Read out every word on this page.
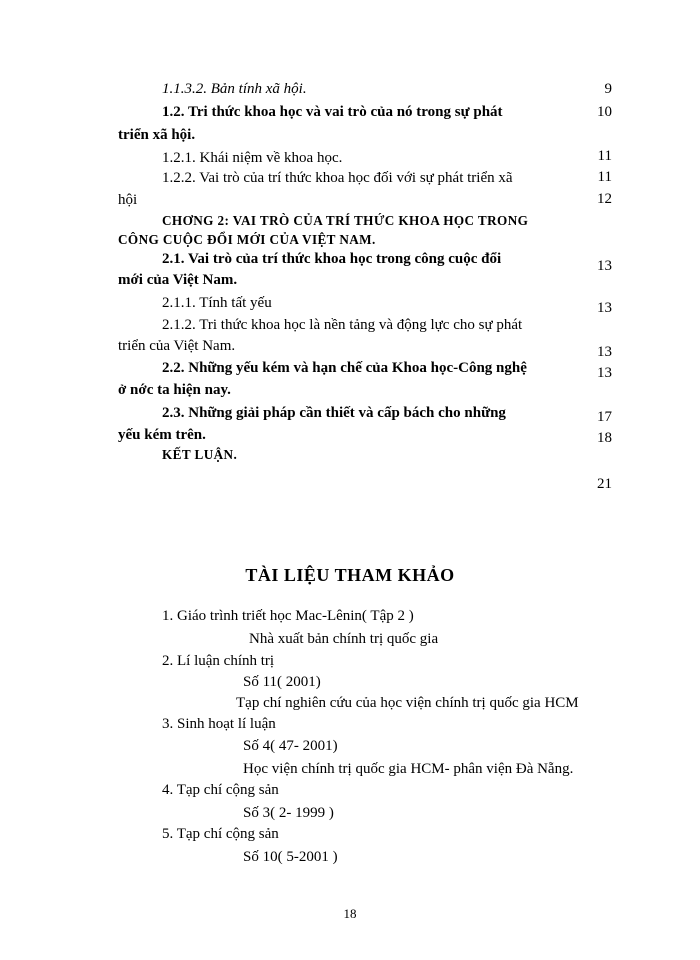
1.1.3.2. Bản tính xã hội.
1.2. Tri thức khoa học và vai trò của nó trong sự phát
triển xã hội.
1.2.1. Khái niệm về khoa học.
1.2.2. Vai trò của trí thức khoa học đối với sự phát triển xã
hội
CHƠNG 2: VAI TRÒ CỦA TRÍ THỨC KHOA HỌC TRONG
CÔNG CUỘC ĐỔI MỚI CỦA VIỆT NAM.
2.1. Vai trò của trí thức khoa học trong công cuộc đổi
mới của Việt Nam.
2.1.1. Tính tất yếu
2.1.2. Tri thức khoa học là nền tảng và động lực cho sự phát
triển của Việt Nam.
2.2. Những yếu kém và hạn chế của Khoa học-Công nghệ
ở nớc ta hiện nay.
2.3. Những giải pháp cần thiết và cấp bách cho những
yếu kém trên.
KẾT LUẬN.
9
10
11
11
12
13
13
13
13
17
18
21
TÀI LIỆU THAM KHẢO
1. Giáo trình triết học Mac-Lênin( Tập 2 )
Nhà xuất bản chính trị quốc gia
2. Lí luận chính trị
Số 11( 2001)
Tạp chí nghiên cứu của học viện chính trị quốc gia HCM
3. Sinh hoạt lí luận
Số 4( 47- 2001)
Học viện chính trị quốc gia HCM- phân viện Đà Nẵng.
4. Tạp chí cộng sản
Số 3( 2- 1999 )
5. Tạp chí cộng sản
Số 10( 5-2001 )
18
